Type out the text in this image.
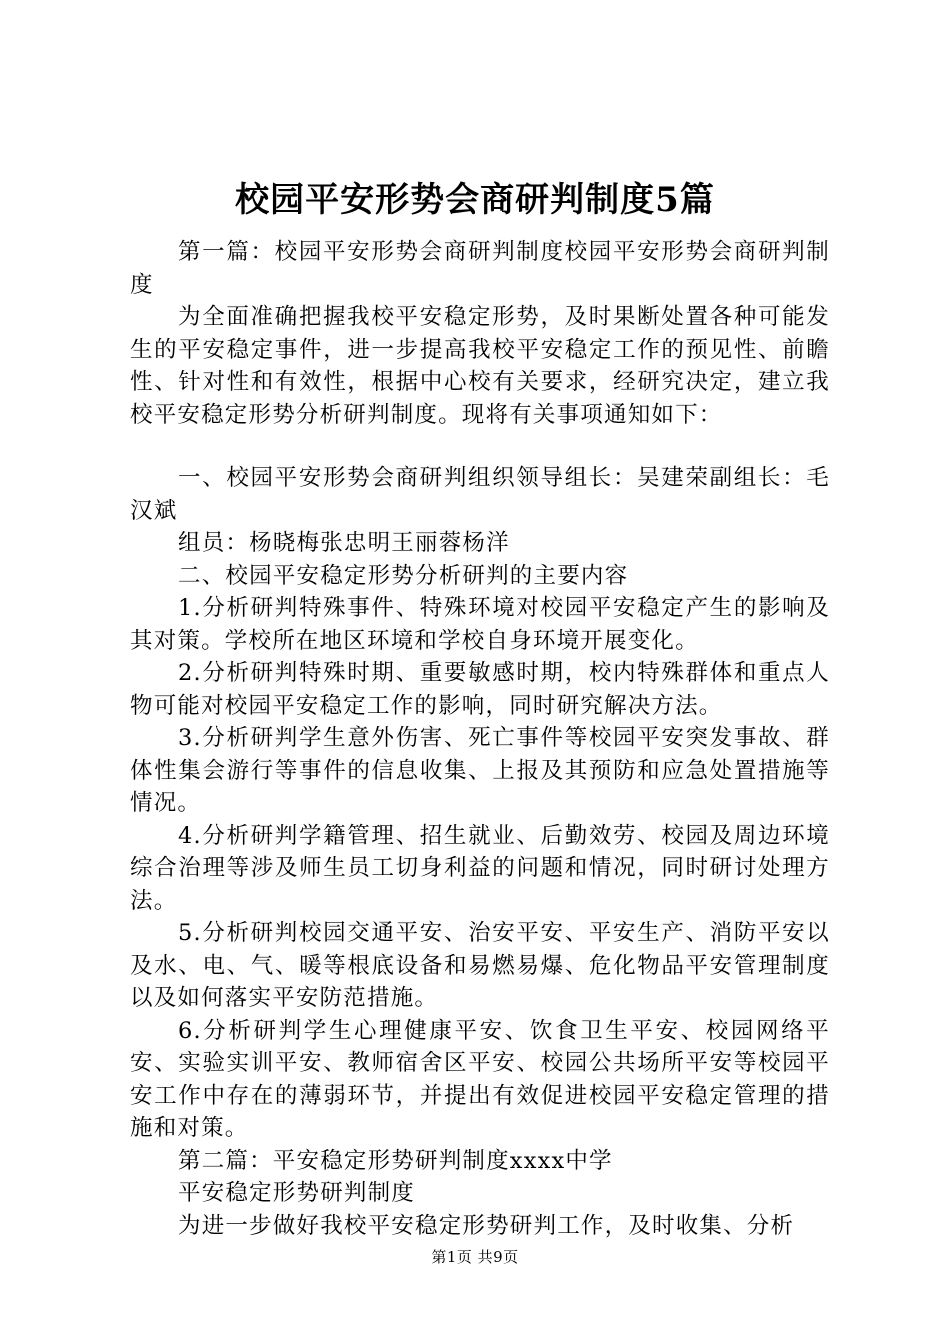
校园平安形势会商研判制度5篇

第一篇：校园平安形势会商研判制度校园平安形势会商研判制度

为全面准确把握我校平安稳定形势，及时果断处置各种可能发生的平安稳定事件，进一步提高我校平安稳定工作的预见性、前瞻性、针对性和有效性，根据中心校有关要求，经研究决定，建立我校平安稳定形势分析研判制度。现将有关事项通知如下：

一、校园平安形势会商研判组织领导组长：吴建荣副组长：毛汉斌

组员：杨晓梅张忠明王丽蓉杨洋

二、校园平安稳定形势分析研判的主要内容

1.分析研判特殊事件、特殊环境对校园平安稳定产生的影响及其对策。学校所在地区环境和学校自身环境开展变化。

2.分析研判特殊时期、重要敏感时期，校内特殊群体和重点人物可能对校园平安稳定工作的影响，同时研究解决方法。

3.分析研判学生意外伤害、死亡事件等校园平安突发事故、群体性集会游行等事件的信息收集、上报及其预防和应急处置措施等情况。

4.分析研判学籍管理、招生就业、后勤效劳、校园及周边环境综合治理等涉及师生员工切身利益的问题和情况，同时研讨处理方法。

5.分析研判校园交通平安、治安平安、平安生产、消防平安以及水、电、气、暖等根底设备和易燃易爆、危化物品平安管理制度以及如何落实平安防范措施。

6.分析研判学生心理健康平安、饮食卫生平安、校园网络平安、实验实训平安、教师宿舍区平安、校园公共场所平安等校园平安工作中存在的薄弱环节，并提出有效促进校园平安稳定管理的措施和对策。

第二篇：平安稳定形势研判制度xxxx中学

平安稳定形势研判制度

为进一步做好我校平安稳定形势研判工作，及时收集、分析

第1页 共9页
